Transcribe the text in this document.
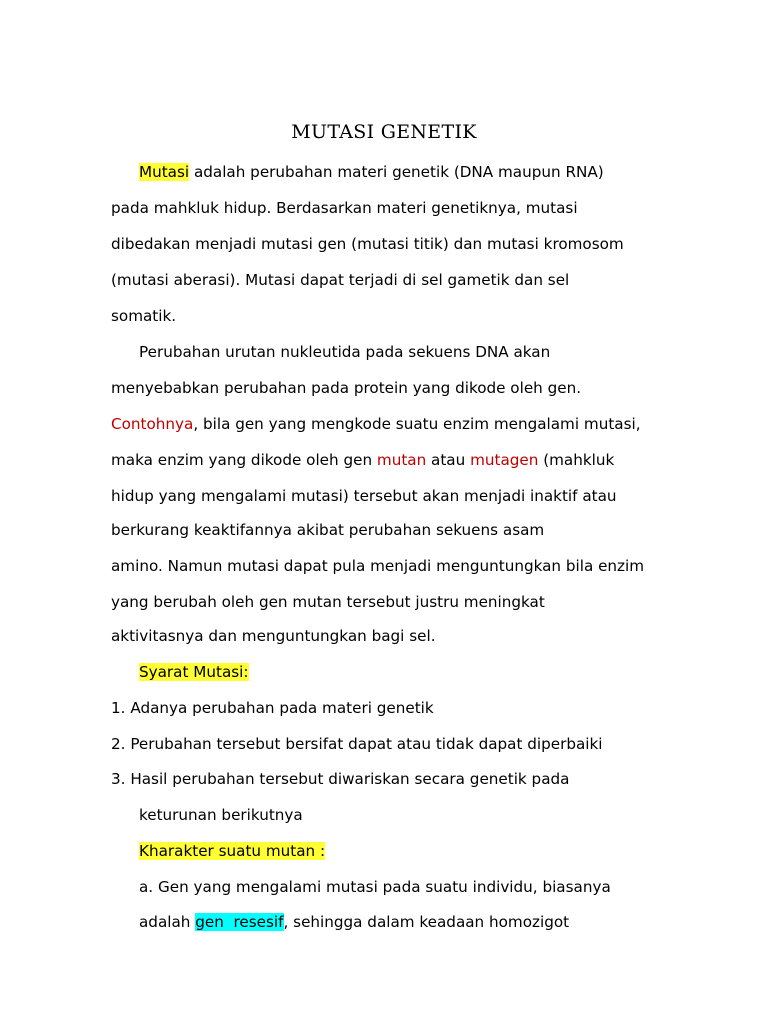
MUTASI GENETIK
Mutasi adalah perubahan materi genetik (DNA maupun RNA)
pada mahkluk hidup. Berdasarkan materi genetiknya, mutasi
dibedakan menjadi mutasi gen (mutasi titik) dan mutasi kromosom
(mutasi aberasi). Mutasi dapat terjadi di sel gametik dan sel
somatik.
Perubahan urutan nukleutida pada sekuens DNA akan
menyebabkan perubahan pada protein yang dikode oleh gen.
Contohnya, bila gen yang mengkode suatu enzim mengalami mutasi,
maka enzim yang dikode oleh gen mutan atau mutagen (mahkluk
hidup yang mengalami mutasi) tersebut akan menjadi inaktif atau
berkurang keaktifannya akibat perubahan sekuens asam
amino. Namun mutasi dapat pula menjadi menguntungkan bila enzim
yang berubah oleh gen mutan tersebut justru meningkat
aktivitasnya dan menguntungkan bagi sel.
Syarat Mutasi:
1. Adanya perubahan pada materi genetik
2. Perubahan tersebut bersifat dapat atau tidak dapat diperbaiki
3. Hasil perubahan tersebut diwariskan secara genetik pada
keturunan berikutnya
Kharakter suatu mutan :
a. Gen yang mengalami mutasi pada suatu individu, biasanya
adalah gen  resesif, sehingga dalam keadaan homozigot
